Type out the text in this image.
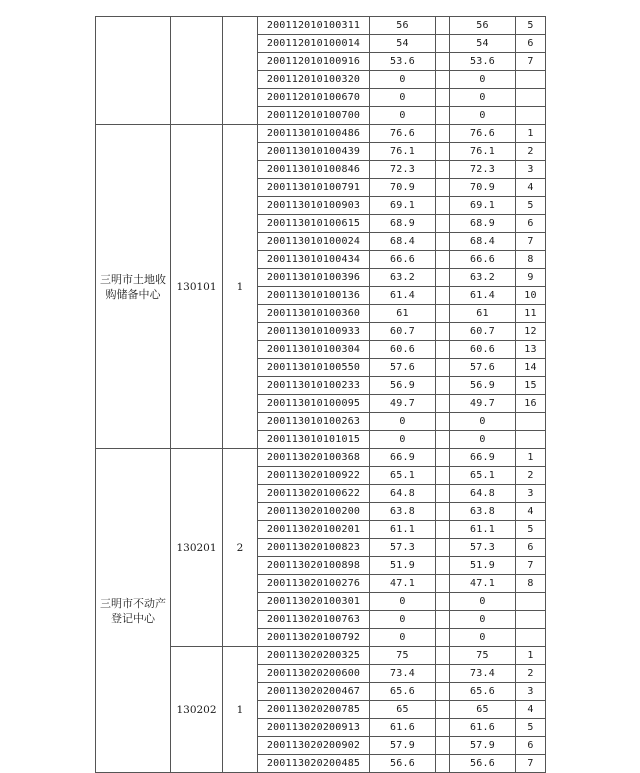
			200112010100311	56		56	5
			200112010100014	54		54	6
			200112010100916	53.6		53.6	7
			200112010100320	0		0	
			200112010100670	0		0	
			200112010100700	0		0	
三明市土地收购储备中心	130101	1	200113010100486	76.6		76.6	1
			200113010100439	76.1		76.1	2
			200113010100846	72.3		72.3	3
			200113010100791	70.9		70.9	4
			200113010100903	69.1		69.1	5
			200113010100615	68.9		68.9	6
			200113010100024	68.4		68.4	7
			200113010100434	66.6		66.6	8
			200113010100396	63.2		63.2	9
			200113010100136	61.4		61.4	10
			200113010100360	61		61	11
			200113010100933	60.7		60.7	12
			200113010100304	60.6		60.6	13
			200113010100550	57.6		57.6	14
			200113010100233	56.9		56.9	15
			200113010100095	49.7		49.7	16
			200113010100263	0		0	
			200113010101015	0		0	
三明市不动产登记中心	130201	2	200113020100368	66.9		66.9	1
			200113020100922	65.1		65.1	2
			200113020100622	64.8		64.8	3
			200113020100200	63.8		63.8	4
			200113020100201	61.1		61.1	5
			200113020100823	57.3		57.3	6
			200113020100898	51.9		51.9	7
			200113020100276	47.1		47.1	8
			200113020100301	0		0	
			200113020100763	0		0	
			200113020100792	0		0	
	130202	1	200113020200325	75		75	1
			200113020200600	73.4		73.4	2
			200113020200467	65.6		65.6	3
			200113020200785	65		65	4
			200113020200913	61.6		61.6	5
			200113020200902	57.9		57.9	6
			200113020200485	56.6		56.6	7
